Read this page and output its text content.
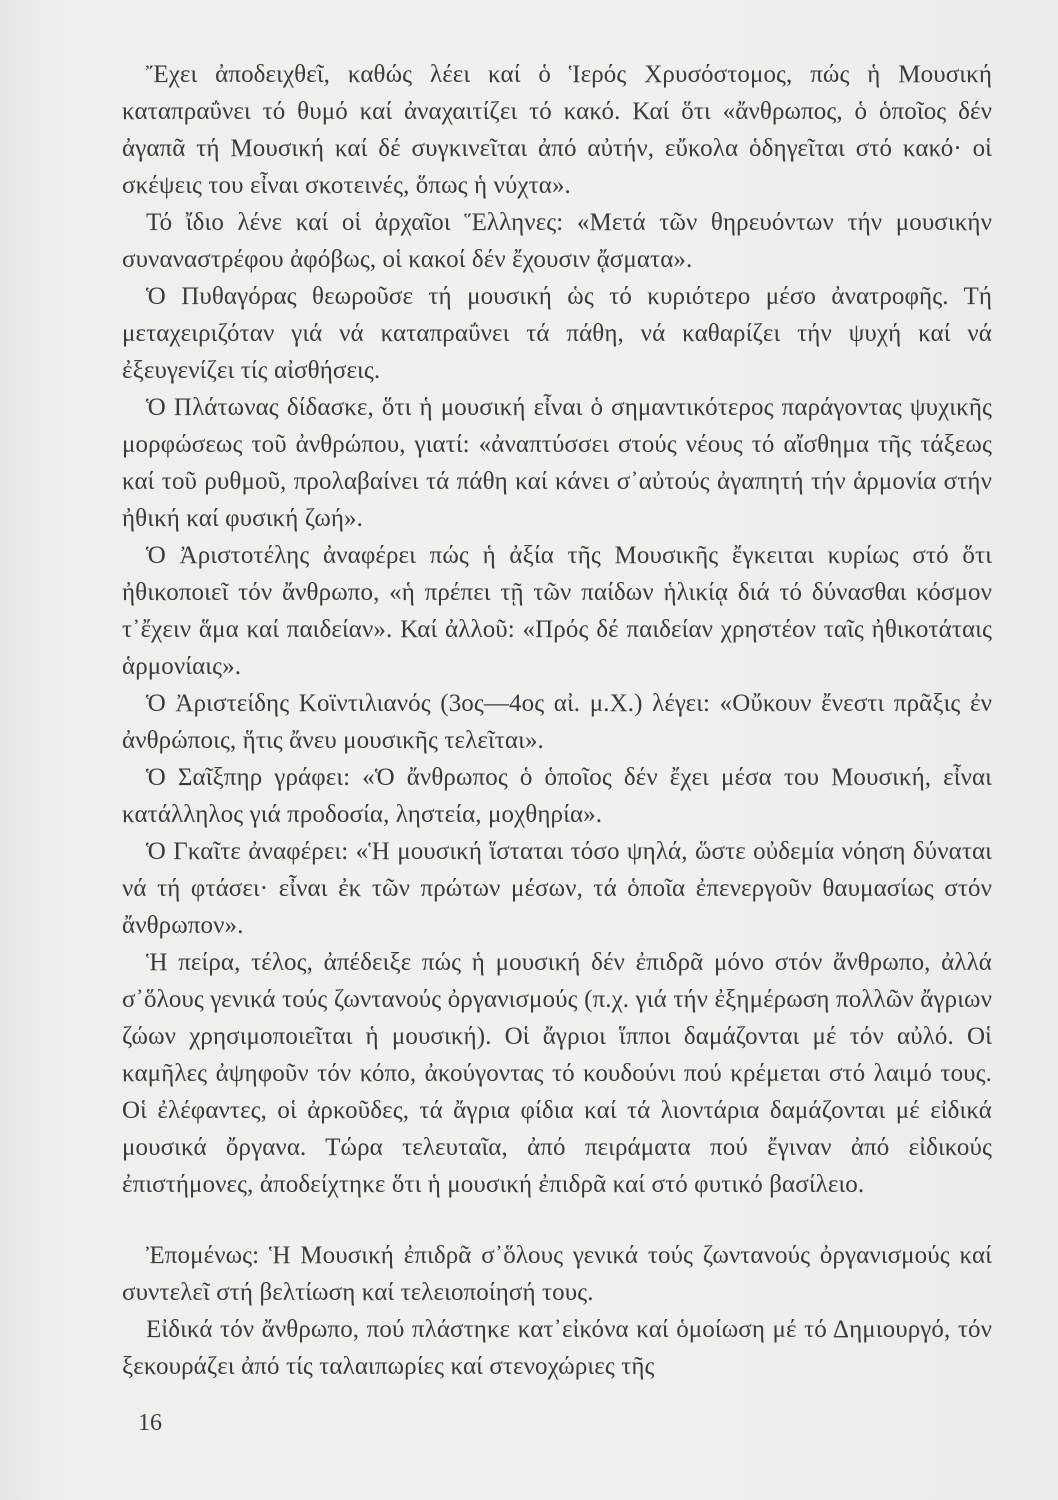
Ἔχει ἀποδειχθεῖ, καθώς λέει καί ὁ Ἱερός Χρυσόστομος, πώς ἡ Μουσική καταπραΰνει τό θυμό καί ἀναχαιτίζει τό κακό. Καί ὅτι «ἄνθρωπος, ὁ ὁποῖος δέν ἀγαπᾶ τή Μουσική καί δέ συγκινεῖται ἀπό αὐτήν, εὔκολα ὁδηγεῖται στό κακό· οἱ σκέψεις του εἶναι σκοτεινές, ὅπως ἡ νύχτα».

Τό ἴδιο λένε καί οἱ ἀρχαῖοι Ἕλληνες: «Μετά τῶν θηρευόντων τήν μουσικήν συναναστρέφου ἀφόβως, οἱ κακοί δέν ἔχουσιν ᾄσματα».

Ὁ Πυθαγόρας θεωροῦσε τή μουσική ὡς τό κυριότερο μέσο ἀνατροφῆς. Τή μεταχειριζόταν γιά νά καταπραΰνει τά πάθη, νά καθαρίζει τήν ψυχή καί νά ἐξευγενίζει τίς αἰσθήσεις.

Ὁ Πλάτωνας δίδασκε, ὅτι ἡ μουσική εἶναι ὁ σημαντικότερος παράγοντας ψυχικῆς μορφώσεως τοῦ ἀνθρώπου, γιατί: «ἀναπτύσσει στούς νέους τό αἴσθημα τῆς τάξεως καί τοῦ ρυθμοῦ, προλαβαίνει τά πάθη καί κάνει σ᾽αὐτούς ἀγαπητή τήν ἁρμονία στήν ἠθική καί φυσική ζωή».

Ὁ Ἀριστοτέλης ἀναφέρει πώς ἡ ἀξία τῆς Μουσικῆς ἔγκειται κυρίως στό ὅτι ἠθικοποιεῖ τόν ἄνθρωπο, «ἡ πρέπει τῇ τῶν παίδων ἡλικίᾳ διά τό δύνασθαι κόσμον τ᾽ἔχειν ἅμα καί παιδείαν». Καί ἀλλοῦ: «Πρός δέ παιδείαν χρηστέον ταῖς ἠθικοτάταις ἁρμονίαις».

Ὁ Ἀριστείδης Κοϊντιλιανός (3ος—4ος αἰ. μ.Χ.) λέγει: «Οὔκουν ἔνεστι πρᾶξις ἐν ἀνθρώποις, ἥτις ἄνευ μουσικῆς τελεῖται».

Ὁ Σαῖξπηρ γράφει: «Ὁ ἄνθρωπος ὁ ὁποῖος δέν ἔχει μέσα του Μουσική, εἶναι κατάλληλος γιά προδοσία, ληστεία, μοχθηρία».

Ὁ Γκαῖτε ἀναφέρει: «Ἡ μουσική ἵσταται τόσο ψηλά, ὥστε οὐδεμία νόηση δύναται νά τή φτάσει· εἶναι ἐκ τῶν πρώτων μέσων, τά ὁποῖα ἐπενεργοῦν θαυμασίως στόν ἄνθρωπον».

Ἡ πείρα, τέλος, ἀπέδειξε πώς ἡ μουσική δέν ἐπιδρᾶ μόνο στόν ἄνθρωπο, ἀλλά σ᾽ὅλους γενικά τούς ζωντανούς ὀργανισμούς (π.χ. γιά τήν ἐξημέρωση πολλῶν ἄγριων ζώων χρησιμοποιεῖται ἡ μουσική). Οἱ ἄγριοι ἵπποι δαμάζονται μέ τόν αὐλό. Οἱ καμῆλες ἀψηφοῦν τόν κόπο, ἀκούγοντας τό κουδούνι πού κρέμεται στό λαιμό τους. Οἱ ἐλέφαντες, οἱ ἀρκοῦδες, τά ἄγρια φίδια καί τά λιοντάρια δαμάζονται μέ εἰδικά μουσικά ὄργανα. Τώρα τελευταῖα, ἀπό πειράματα πού ἔγιναν ἀπό εἰδικούς ἐπιστήμονες, ἀποδείχτηκε ὅτι ἡ μουσική ἐπιδρᾶ καί στό φυτικό βασίλειο.

Ἐπομένως: Ἡ Μουσική ἐπιδρᾶ σ᾽ὅλους γενικά τούς ζωντανούς ὀργανισμούς καί συντελεῖ στή βελτίωση καί τελειοποίησή τους.

Εἰδικά τόν ἄνθρωπο, πού πλάστηκε κατ᾽εἰκόνα καί ὁμοίωση μέ τό Δημιουργό, τόν ξεκουράζει ἀπό τίς ταλαιπωρίες καί στενοχώριες τῆς

16
